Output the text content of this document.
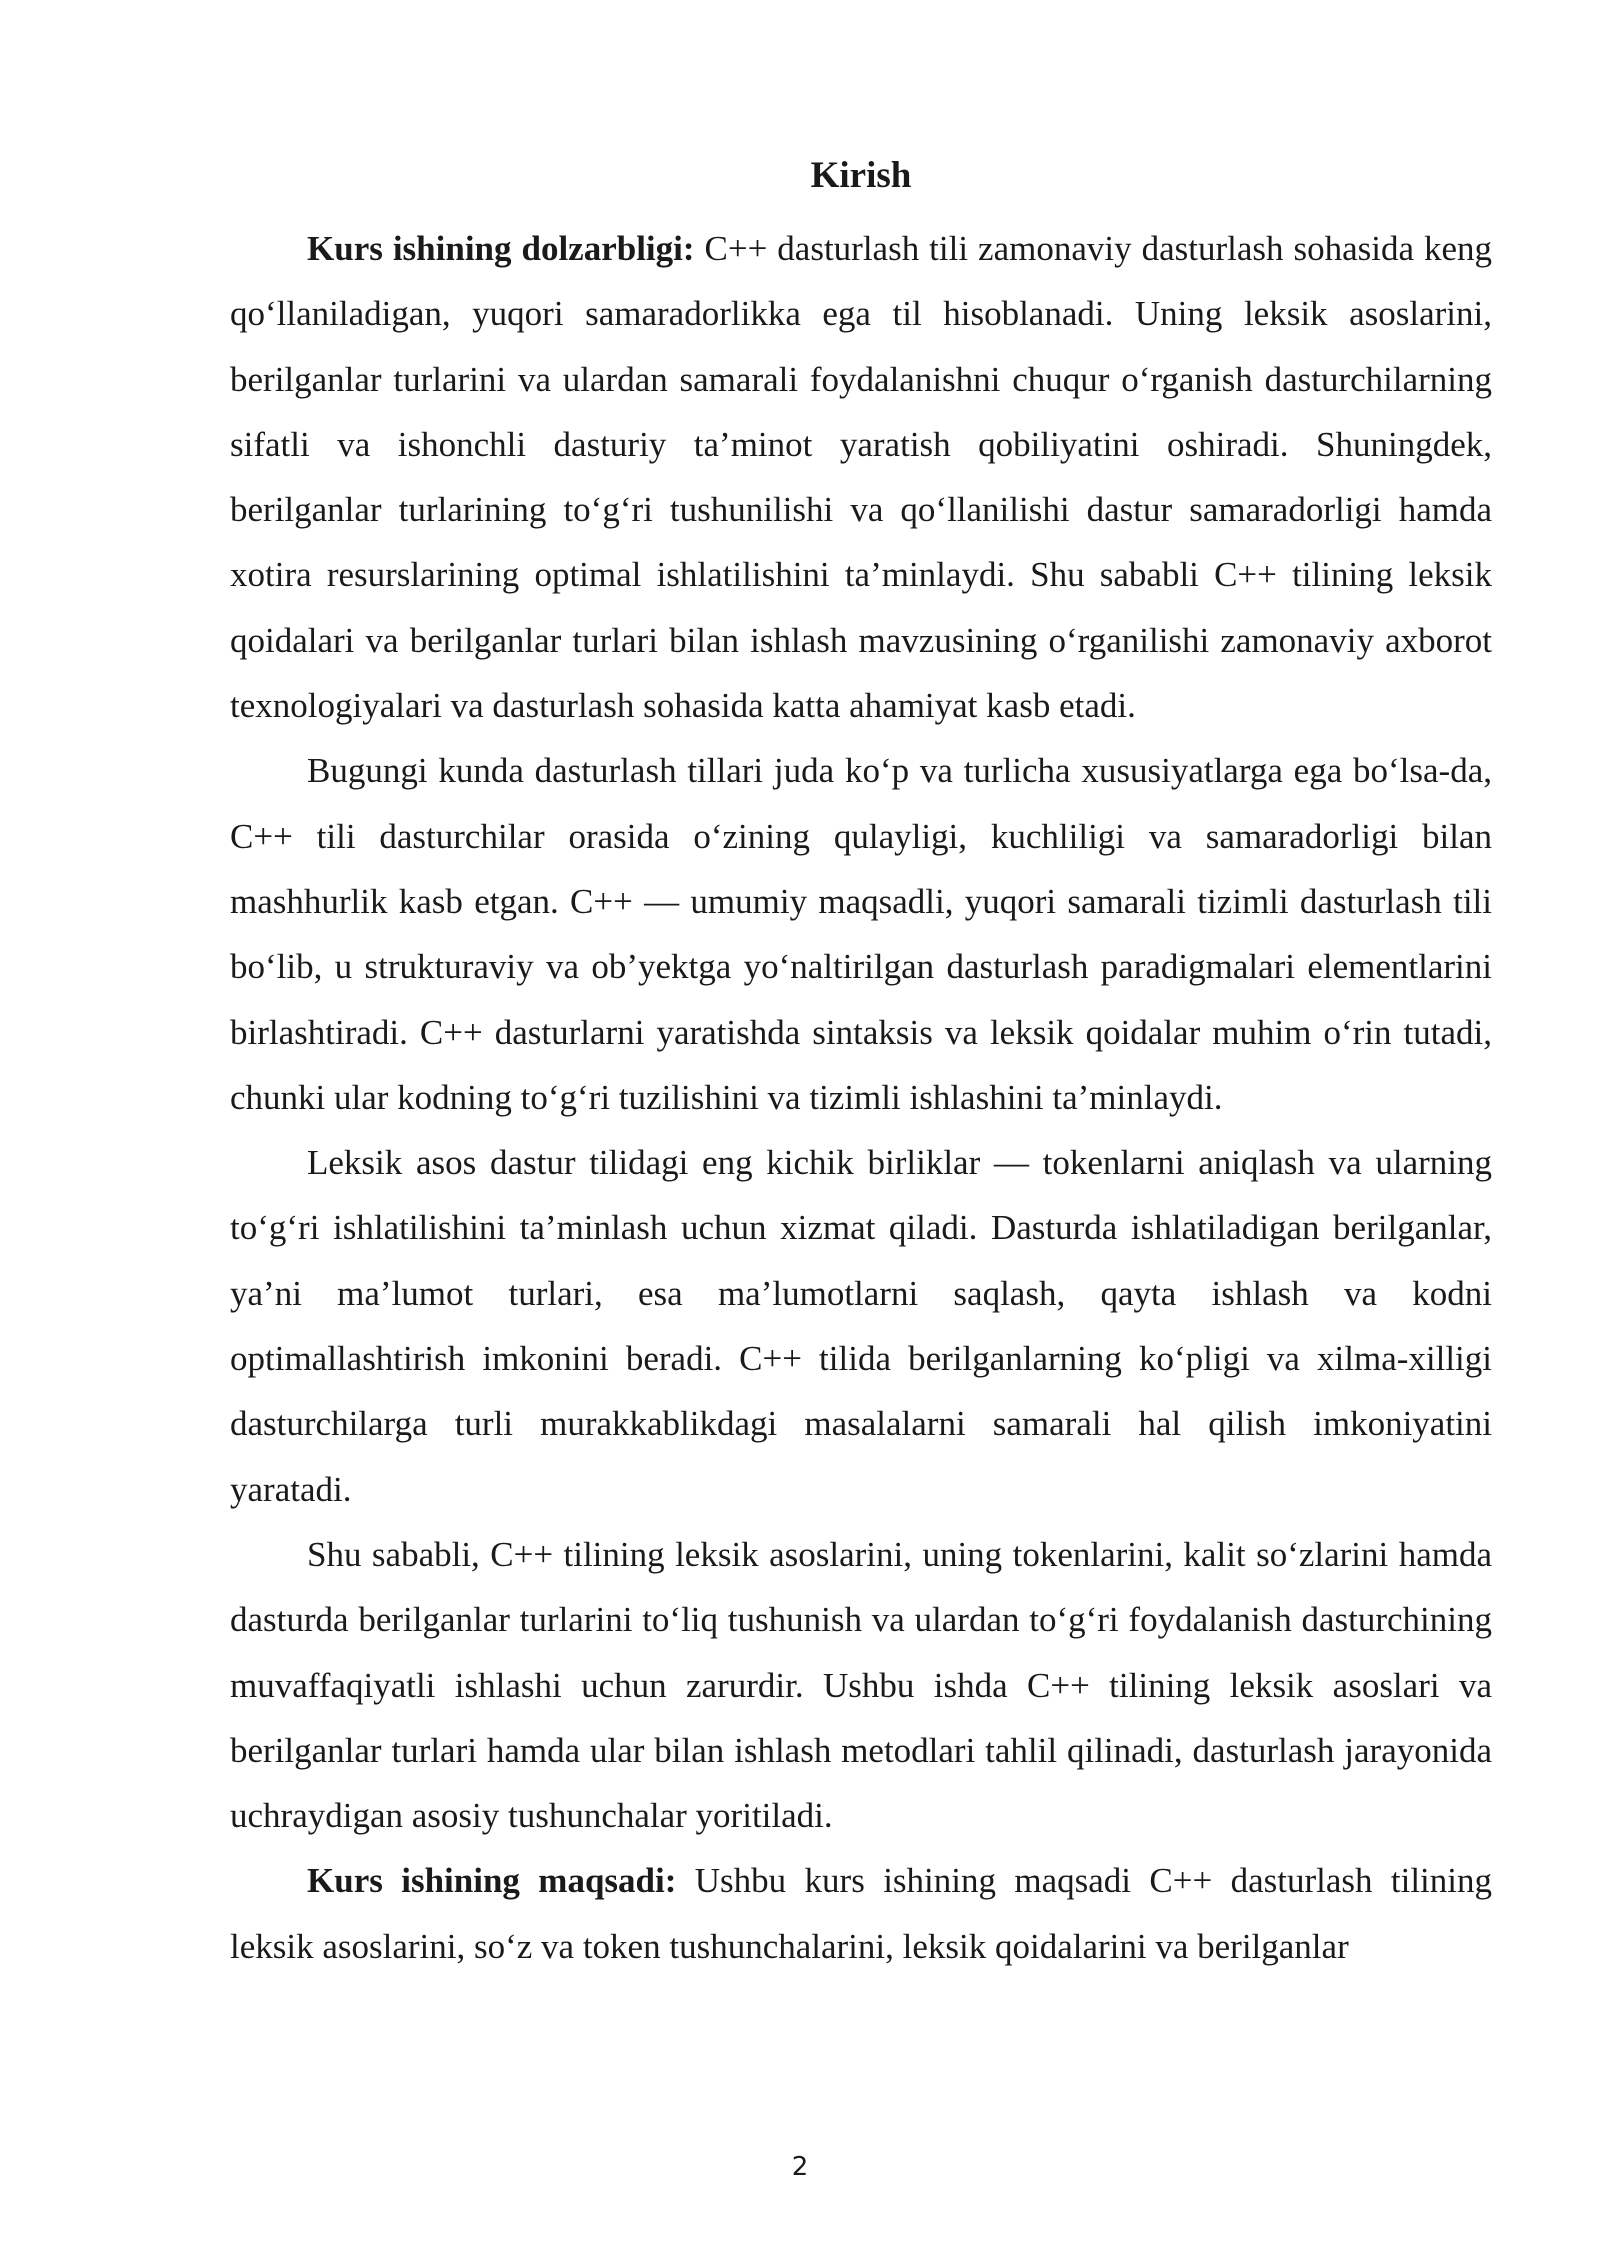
Kirish

Kurs ishining dolzarbligi: C++ dasturlash tili zamonaviy dasturlash sohasida keng qo‘llaniladigan, yuqori samaradorlikka ega til hisoblanadi. Uning leksik asoslarini, berilganlar turlarini va ulardan samarali foydalanishni chuqur o‘rganish dasturchilarning sifatli va ishonchli dasturiy ta’minot yaratish qobiliyatini oshiradi. Shuningdek, berilganlar turlarining to‘g‘ri tushunilishi va qo‘llanilishi dastur samaradorligi hamda xotira resurslarining optimal ishlatilishini ta’minlaydi. Shu sababli C++ tilining leksik qoidalari va berilganlar turlari bilan ishlash mavzusining o‘rganilishi zamonaviy axborot texnologiyalari va dasturlash sohasida katta ahamiyat kasb etadi.

Bugungi kunda dasturlash tillari juda ko‘p va turlicha xususiyatlarga ega bo‘lsa-da, C++ tili dasturchilar orasida o‘zining qulayligi, kuchliligi va samaradorligi bilan mashhurlik kasb etgan. C++ — umumiy maqsadli, yuqori samarali tizimli dasturlash tili bo‘lib, u strukturaviy va ob’yektga yo‘naltirilgan dasturlash paradigmalari elementlarini birlashtiradi. C++ dasturlarni yaratishda sintaksis va leksik qoidalar muhim o‘rin tutadi, chunki ular kodning to‘g‘ri tuzilishini va tizimli ishlashini ta’minlaydi.

Leksik asos dastur tilidagi eng kichik birliklar — tokenlarni aniqlash va ularning to‘g‘ri ishlatilishini ta’minlash uchun xizmat qiladi. Dasturda ishlatiladigan berilganlar, ya’ni ma’lumot turlari, esa ma’lumotlarni saqlash, qayta ishlash va kodni optimallashtirish imkonini beradi. C++ tilida berilganlarning ko‘pligi va xilma-xilligi dasturchilarga turli murakkablikdagi masalalarni samarali hal qilish imkoniyatini yaratadi.

Shu sababli, C++ tilining leksik asoslarini, uning tokenlarini, kalit so‘zlarini hamda dasturda berilganlar turlarini to‘liq tushunish va ulardan to‘g‘ri foydalanish dasturchining muvaffaqiyatli ishlashi uchun zarurdir. Ushbu ishda C++ tilining leksik asoslari va berilganlar turlari hamda ular bilan ishlash metodlari tahlil qilinadi, dasturlash jarayonida uchraydigan asosiy tushunchalar yoritiladi.

Kurs ishining maqsadi: Ushbu kurs ishining maqsadi C++ dasturlash tilining leksik asoslarini, so‘z va token tushunchalarini, leksik qoidalarini va berilganlar

2
